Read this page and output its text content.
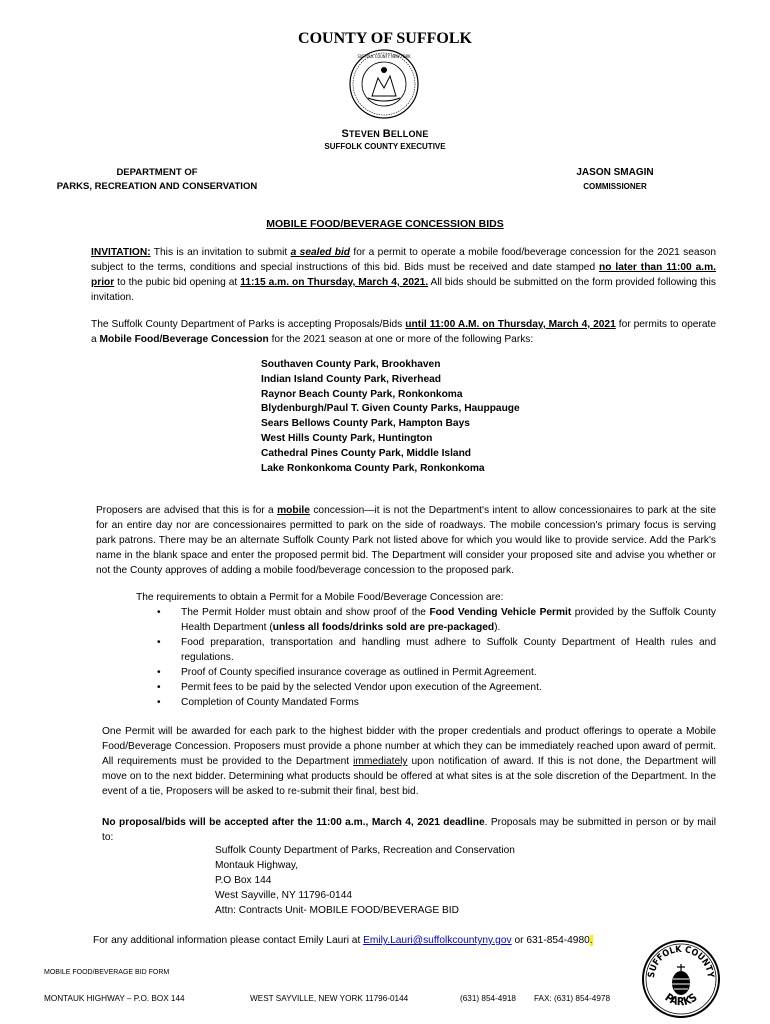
COUNTY OF SUFFOLK
SUFFOLK COUNTY NEW YORK
STEVEN BELLONE
SUFFOLK COUNTY EXECUTIVE
DEPARTMENT OF
PARKS, RECREATION AND CONSERVATION
JASON SMAGIN
COMMISSIONER
MOBILE FOOD/BEVERAGE CONCESSION BIDS
INVITATION: This is an invitation to submit a sealed bid for a permit to operate a mobile food/beverage concession for the 2021 season subject to the terms, conditions and special instructions of this bid. Bids must be received and date stamped no later than 11:00 a.m. prior to the pubic bid opening at 11:15 a.m. on Thursday, March 4, 2021. All bids should be submitted on the form provided following this invitation.
The Suffolk County Department of Parks is accepting Proposals/Bids until 11:00 A.M. on Thursday, March 4, 2021 for permits to operate a Mobile Food/Beverage Concession for the 2021 season at one or more of the following Parks:
Southaven County Park, Brookhaven
Indian Island County Park, Riverhead
Raynor Beach County Park, Ronkonkoma
Blydenburgh/Paul T. Given County Parks, Hauppauge
Sears Bellows County Park, Hampton Bays
West Hills County Park, Huntington
Cathedral Pines County Park, Middle Island
Lake Ronkonkoma County Park, Ronkonkoma
Proposers are advised that this is for a mobile concession—it is not the Department's intent to allow concessionaires to park at the site for an entire day nor are concessionaires permitted to park on the side of roadways. The mobile concession's primary focus is serving park patrons. There may be an alternate Suffolk County Park not listed above for which you would like to provide service. Add the Park's name in the blank space and enter the proposed permit bid. The Department will consider your proposed site and advise you whether or not the County approves of adding a mobile food/beverage concession to the proposed park.
The requirements to obtain a Permit for a Mobile Food/Beverage Concession are:
• The Permit Holder must obtain and show proof of the Food Vending Vehicle Permit provided by the Suffolk County Health Department (unless all foods/drinks sold are pre-packaged).
• Food preparation, transportation and handling must adhere to Suffolk County Department of Health rules and regulations.
• Proof of County specified insurance coverage as outlined in Permit Agreement.
• Permit fees to be paid by the selected Vendor upon execution of the Agreement.
• Completion of County Mandated Forms
One Permit will be awarded for each park to the highest bidder with the proper credentials and product offerings to operate a Mobile Food/Beverage Concession. Proposers must provide a phone number at which they can be immediately reached upon award of permit. All requirements must be provided to the Department immediately upon notification of award. If this is not done, the Department will move on to the next bidder. Determining what products should be offered at what sites is at the sole discretion of the Department. In the event of a tie, Proposers will be asked to re-submit their final, best bid.
No proposal/bids will be accepted after the 11:00 a.m., March 4, 2021 deadline. Proposals may be submitted in person or by mail to:
Suffolk County Department of Parks, Recreation and Conservation
Montauk Highway,
P.O Box 144
West Sayville, NY 11796-0144
Attn: Contracts Unit- MOBILE FOOD/BEVERAGE BID
For any additional information please contact Emily Lauri at Emily.Lauri@suffolkcountyny.gov or 631-854-4980.
MOBILE FOOD/BEVERAGE BID FORM
MONTAUK HIGHWAY – P.O. BOX 144	WEST SAYVILLE, NEW YORK 11796-0144	(631) 854-4918 FAX: (631) 854-4978
SUFFOLK COUNTY
PARKS
